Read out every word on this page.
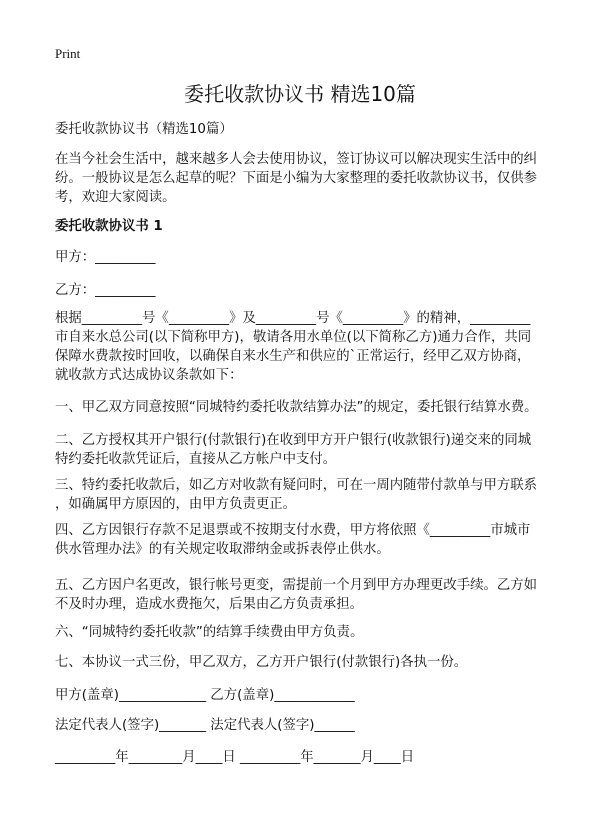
Print
委托收款协议书 精选10篇
委托收款协议书（精选10篇）
在当今社会生活中，越来越多人会去使用协议，签订协议可以解决现实生活中的纠
纷。一般协议是怎么起草的呢？下面是小编为大家整理的委托收款协议书，仅供参
考，欢迎大家阅读。
委托收款协议书 1
甲方：_________
乙方：_________
根据_________号《_________》及_________号《_________》的精神，_________
市自来水总公司(以下简称甲方)，敬请各用水单位(以下简称乙方)通力合作，共同
保障水费款按时回收，以确保自来水生产和供应的`正常运行，经甲乙双方协商，
就收款方式达成协议条款如下：
一、甲乙双方同意按照“同城特约委托收款结算办法”的规定，委托银行结算水费。
二、乙方授权其开户银行(付款银行)在收到甲方开户银行(收款银行)递交来的同城
特约委托收款凭证后，直接从乙方帐户中支付。
三、特约委托收款后，如乙方对收款有疑问时，可在一周内随带付款单与甲方联系
，如确属甲方原因的，由甲方负责更正。
四、乙方因银行存款不足退票或不按期支付水费，甲方将依照《_________市城市
供水管理办法》的有关规定收取滞纳金或拆表停止供水。
五、乙方因户名更改，银行帐号更变，需提前一个月到甲方办理更改手续。乙方如
不及时办理，造成水费拖欠，后果由乙方负责承担。
六、“同城特约委托收款”的结算手续费由甲方负责。
七、本协议一式三份，甲乙双方，乙方开户银行(付款银行)各执一份。
甲方(盖章)_____________ 乙方(盖章)____________
法定代表人(签字)_______ 法定代表人(签字)______
_________年________月____日 _________年_______月____日
